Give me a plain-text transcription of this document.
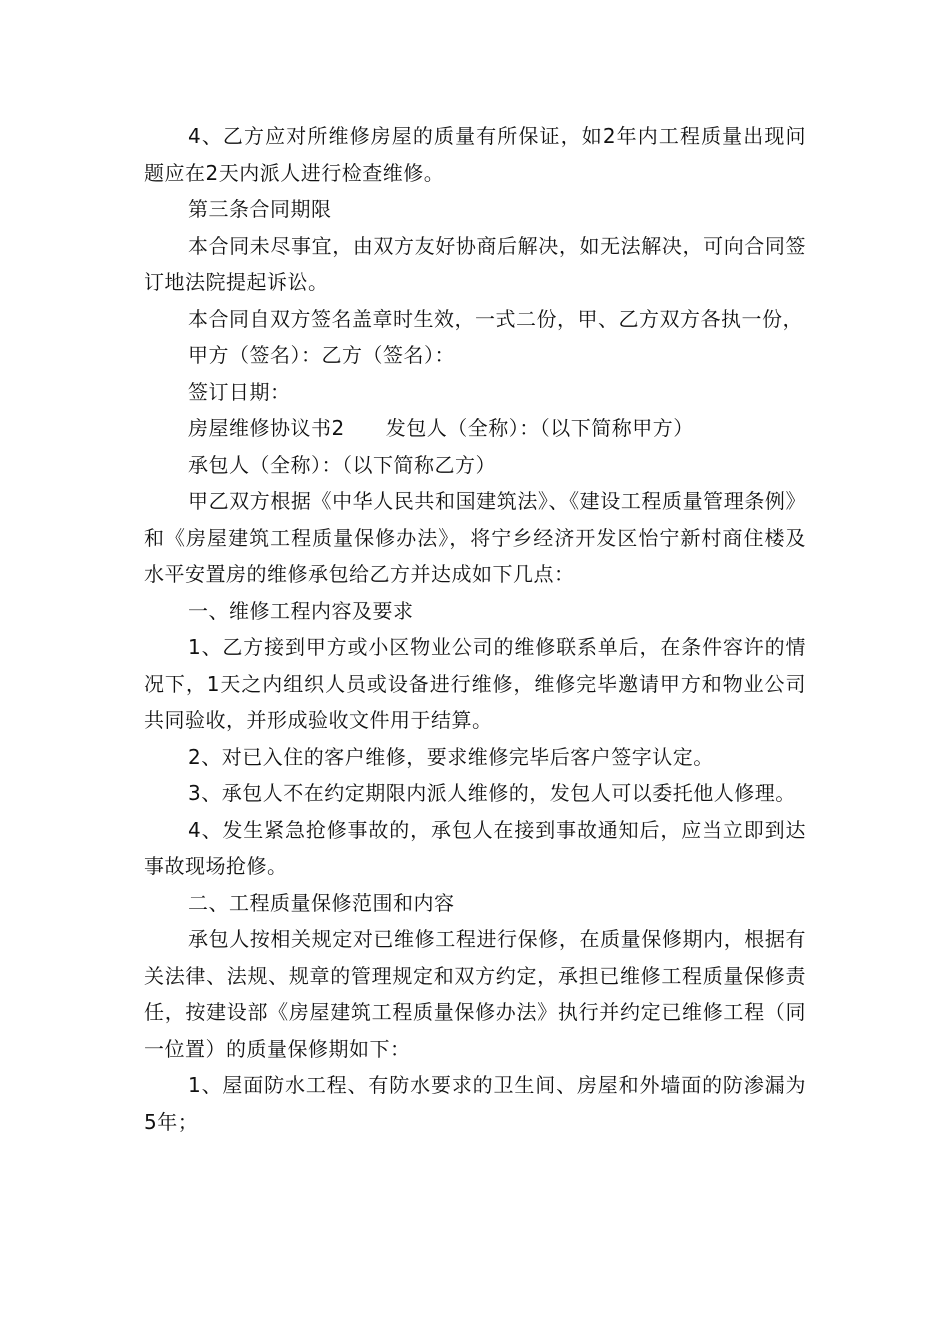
4、乙方应对所维修房屋的质量有所保证，如2年内工程质量出现问题应在2天内派人进行检查维修。

第三条合同期限

本合同未尽事宜，由双方友好协商后解决，如无法解决，可向合同签订地法院提起诉讼。

本合同自双方签名盖章时生效，一式二份，甲、乙方双方各执一份，

甲方（签名）：乙方（签名）：

签订日期：

房屋维修协议书2　　发包人（全称）：（以下简称甲方）

承包人（全称）：（以下简称乙方）

甲乙双方根据《中华人民共和国建筑法》、《建设工程质量管理条例》和《房屋建筑工程质量保修办法》，将宁乡经济开发区怡宁新村商住楼及水平安置房的维修承包给乙方并达成如下几点：

一、维修工程内容及要求

1、乙方接到甲方或小区物业公司的维修联系单后，在条件容许的情况下，1天之内组织人员或设备进行维修，维修完毕邀请甲方和物业公司共同验收，并形成验收文件用于结算。

2、对已入住的客户维修，要求维修完毕后客户签字认定。

3、承包人不在约定期限内派人维修的，发包人可以委托他人修理。

4、发生紧急抢修事故的，承包人在接到事故通知后，应当立即到达事故现场抢修。

二、工程质量保修范围和内容

承包人按相关规定对已维修工程进行保修，在质量保修期内，根据有关法律、法规、规章的管理规定和双方约定，承担已维修工程质量保修责任，按建设部《房屋建筑工程质量保修办法》执行并约定已维修工程（同一位置）的质量保修期如下：

1、屋面防水工程、有防水要求的卫生间、房屋和外墙面的防渗漏为5年；
